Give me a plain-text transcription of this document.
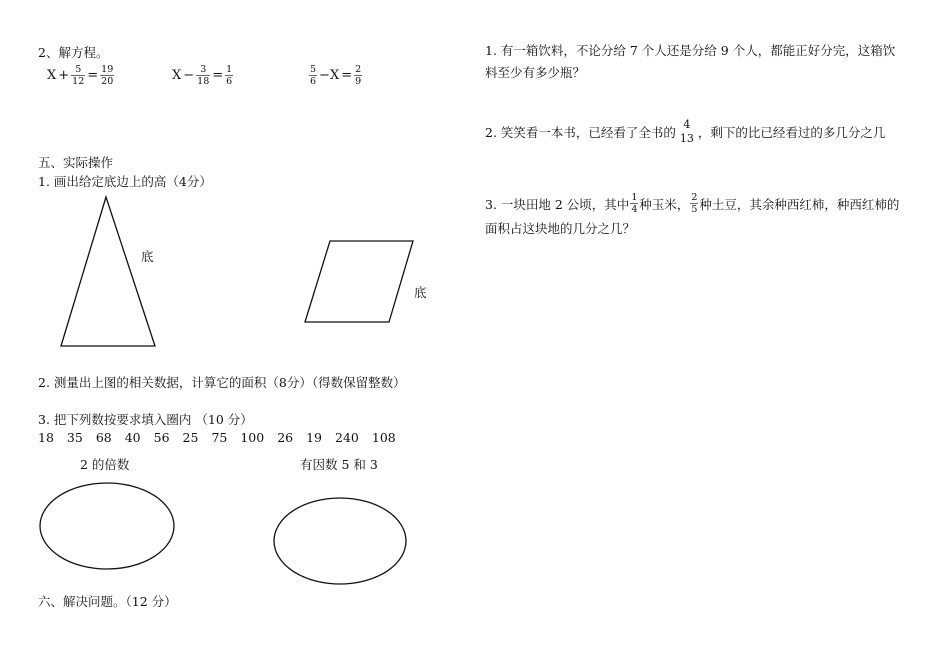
2、解方程。
$X + \frac{5}{12} = \frac{19}{20}$	$X - \frac{3}{18} = \frac{1}{6}$	$\frac{5}{6} -X = \frac{2}{9}$
五、实际操作
1. 画出给定底边上的高（4分）
底
底
2. 测量出上图的相关数据，计算它的面积（8分）（得数保留整数）
3. 把下列数按要求填入圈内 （10 分）
18 35 68 40 56 25 75 100 26 19 240 108
2 的倍数	有因数 5 和 3
六、解决问题。（12 分）
1. 有一箱饮料，不论分给 7 个人还是分给 9 个人，都能正好分完，这箱饮
料至少有多少瓶？
2. 笑笑看一本书，已经看了全书的 4
13 ，剩下的比已经看过的多几分之几
3. 一块田地 2 公顷，其中 $\frac{1}{4}$ 种玉米， $\frac{2}{5}$ 种土豆，其余种西红柿，种西红柿的
面积占这块地的几分之几？
